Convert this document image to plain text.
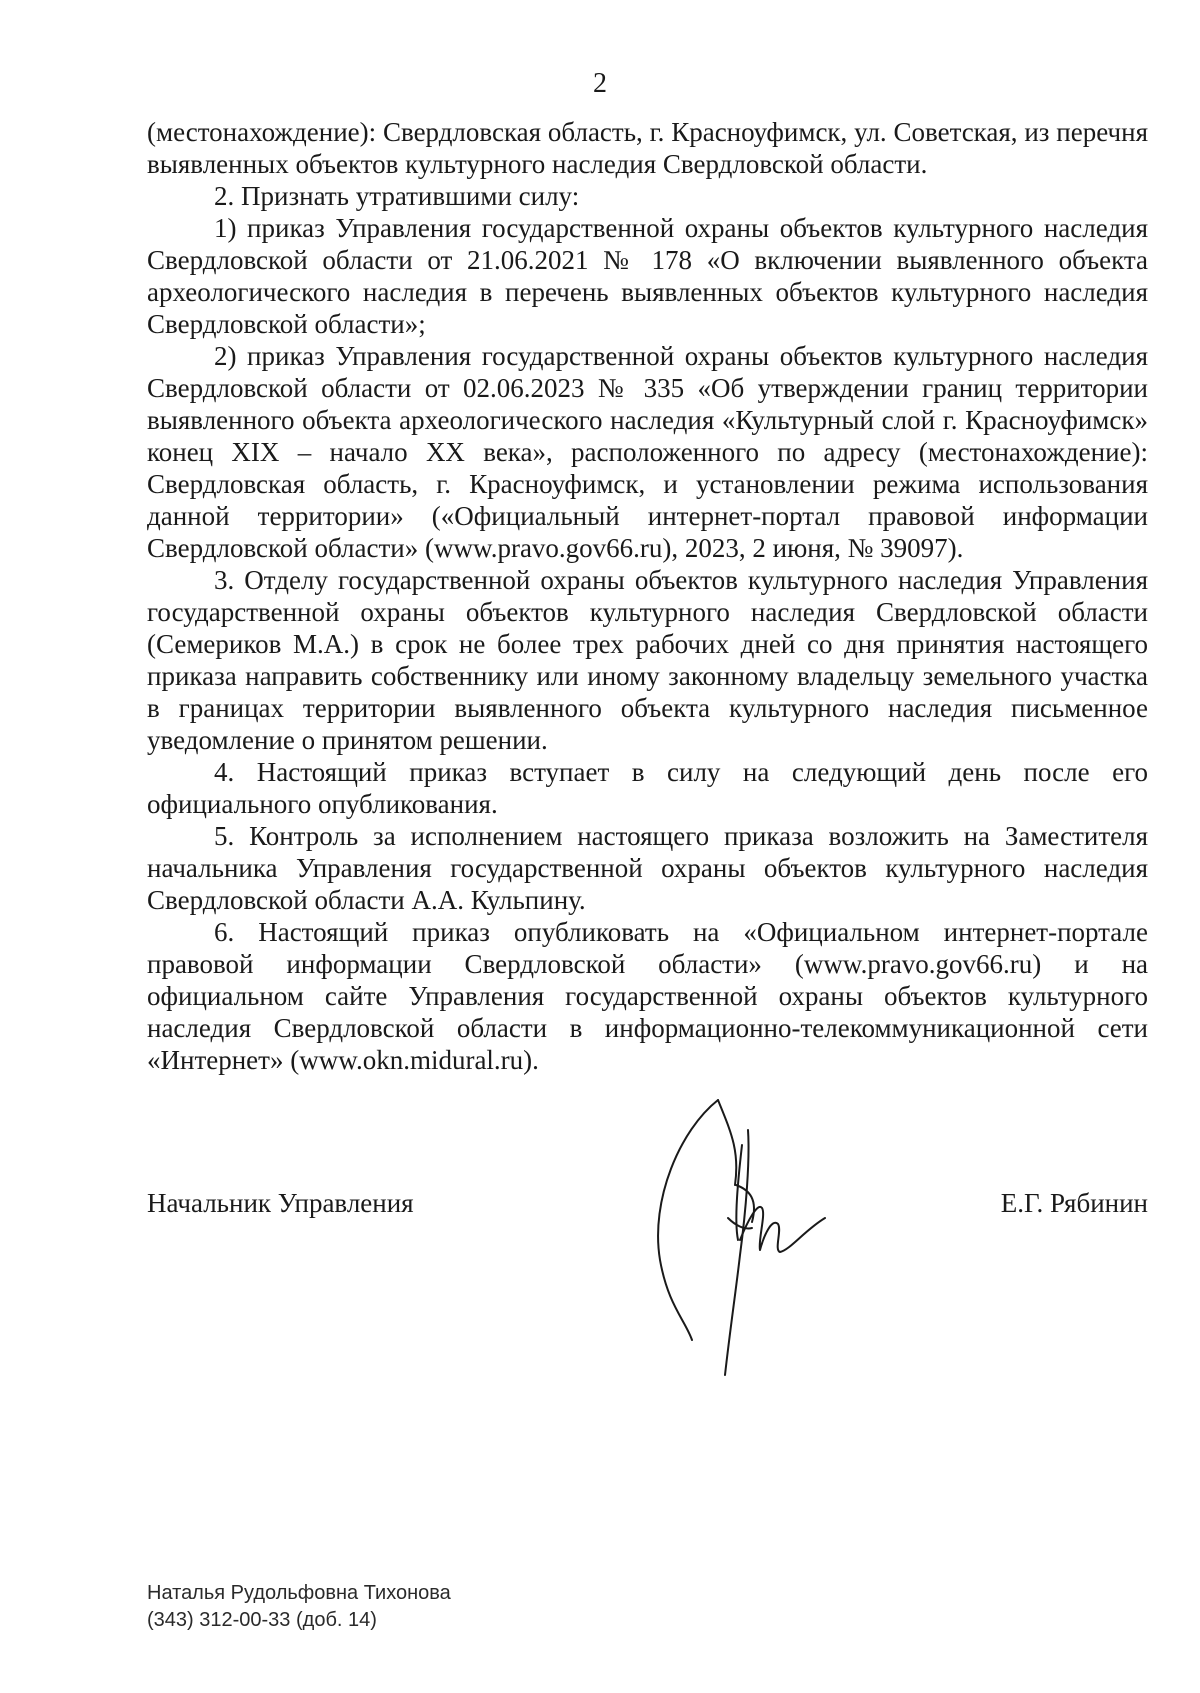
2

(местонахождение): Свердловская область, г. Красноуфимск, ул. Советская, из перечня выявленных объектов культурного наследия Свердловской области.

2. Признать утратившими силу:

1) приказ Управления государственной охраны объектов культурного наследия Свердловской области от 21.06.2021 № 178 «О включении выявленного объекта археологического наследия в перечень выявленных объектов культурного наследия Свердловской области»;

2) приказ Управления государственной охраны объектов культурного наследия Свердловской области от 02.06.2023 № 335 «Об утверждении границ территории выявленного объекта археологического наследия «Культурный слой г. Красноуфимск» конец XIX – начало XX века», расположенного по адресу (местонахождение): Свердловская область, г. Красноуфимск, и установлении режима использования данной территории» («Официальный интернет-портал правовой информации Свердловской области» (www.pravo.gov66.ru), 2023, 2 июня, № 39097).

3. Отделу государственной охраны объектов культурного наследия Управления государственной охраны объектов культурного наследия Свердловской области (Семериков М.А.) в срок не более трех рабочих дней со дня принятия настоящего приказа направить собственнику или иному законному владельцу земельного участка в границах территории выявленного объекта культурного наследия письменное уведомление о принятом решении.

4. Настоящий приказ вступает в силу на следующий день после его официального опубликования.

5. Контроль за исполнением настоящего приказа возложить на Заместителя начальника Управления государственной охраны объектов культурного наследия Свердловской области А.А. Кульпину.

6. Настоящий приказ опубликовать на «Официальном интернет-портале правовой информации Свердловской области» (www.pravo.gov66.ru) и на официальном сайте Управления государственной охраны объектов культурного наследия Свердловской области в информационно-телекоммуникационной сети «Интернет» (www.okn.midural.ru).

Начальник Управления	Е.Г. Рябинин
Наталья Рудольфовна Тихонова
(343) 312-00-33 (доб. 14)
